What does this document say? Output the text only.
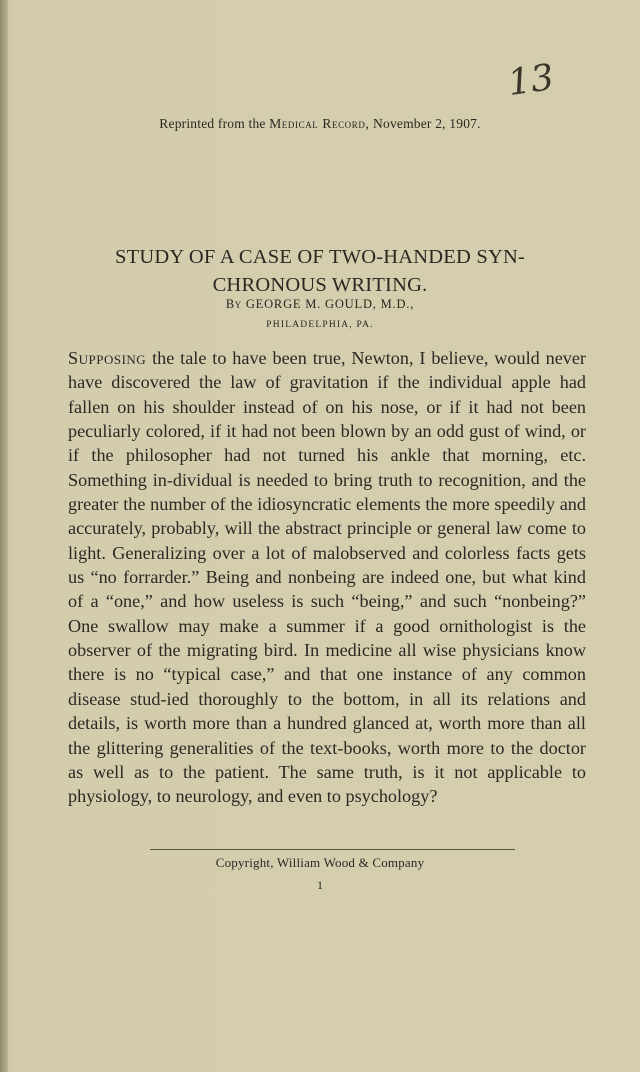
13
Reprinted from the Medical Record, November 2, 1907.
STUDY OF A CASE OF TWO-HANDED SYN-
CHRONOUS WRITING.
By GEORGE M. GOULD, M.D.,
PHILADELPHIA, PA.
Supposing the tale to have been true, Newton, I believe, would never have discovered the law of gravitation if the individual apple had fallen on his shoulder instead of on his nose, or if it had not been peculiarly colored, if it had not been blown by an odd gust of wind, or if the philosopher had not turned his ankle that morning, etc. Something in-dividual is needed to bring truth to recognition, and the greater the number of the idiosyncratic elements the more speedily and accurately, probably, will the abstract principle or general law come to light. Generalizing over a lot of malobserved and colorless facts gets us “no forrarder.” Being and nonbeing are indeed one, but what kind of a “one,” and how useless is such “being,” and such “nonbeing?” One swallow may make a summer if a good ornithologist is the observer of the migrating bird. In medicine all wise physicians know there is no “typical case,” and that one instance of any common disease stud-ied thoroughly to the bottom, in all its relations and details, is worth more than a hundred glanced at, worth more than all the glittering generalities of the text-books, worth more to the doctor as well as to the patient. The same truth, is it not applicable to physiology, to neurology, and even to psychology?
Copyright, William Wood & Company
1
